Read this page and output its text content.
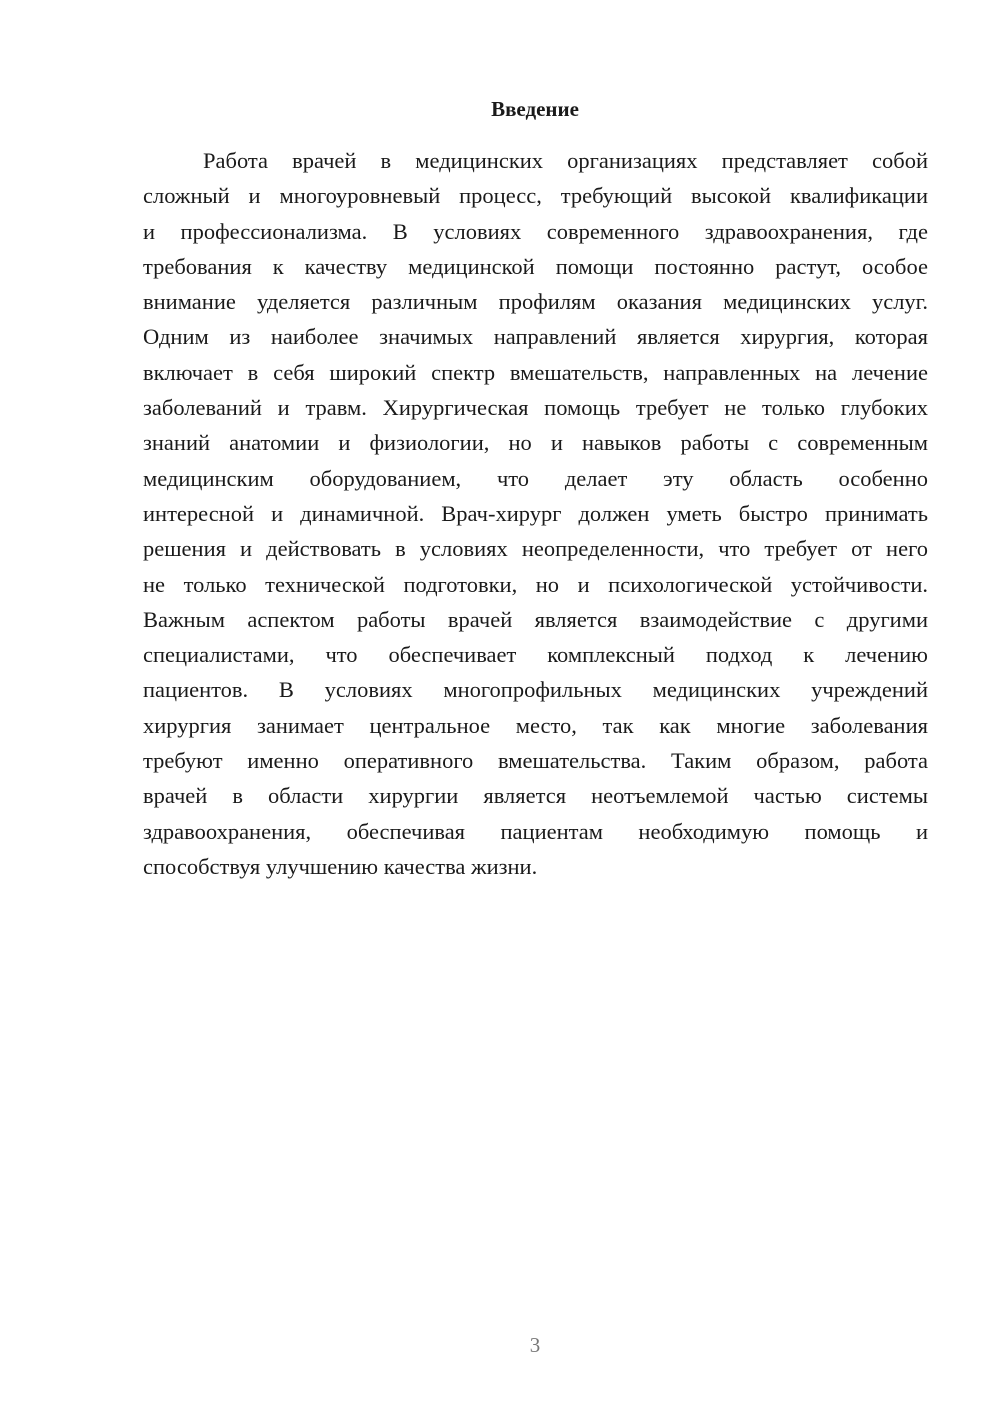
Введение
Работа врачей в медицинских организациях представляет собой
сложный и многоуровневый процесс, требующий высокой квалификации
и профессионализма. В условиях современного здравоохранения, где
требования к качеству медицинской помощи постоянно растут, особое
внимание уделяется различным профилям оказания медицинских услуг.
Одним из наиболее значимых направлений является хирургия, которая
включает в себя широкий спектр вмешательств, направленных на лечение
заболеваний и травм. Хирургическая помощь требует не только глубоких
знаний анатомии и физиологии, но и навыков работы с современным
медицинским оборудованием, что делает эту область особенно
интересной и динамичной. Врач-хирург должен уметь быстро принимать
решения и действовать в условиях неопределенности, что требует от него
не только технической подготовки, но и психологической устойчивости.
Важным аспектом работы врачей является взаимодействие с другими
специалистами, что обеспечивает комплексный подход к лечению
пациентов. В условиях многопрофильных медицинских учреждений
хирургия занимает центральное место, так как многие заболевания
требуют именно оперативного вмешательства. Таким образом, работа
врачей в области хирургии является неотъемлемой частью системы
здравоохранения, обеспечивая пациентам необходимую помощь и
способствуя улучшению качества жизни.
3
